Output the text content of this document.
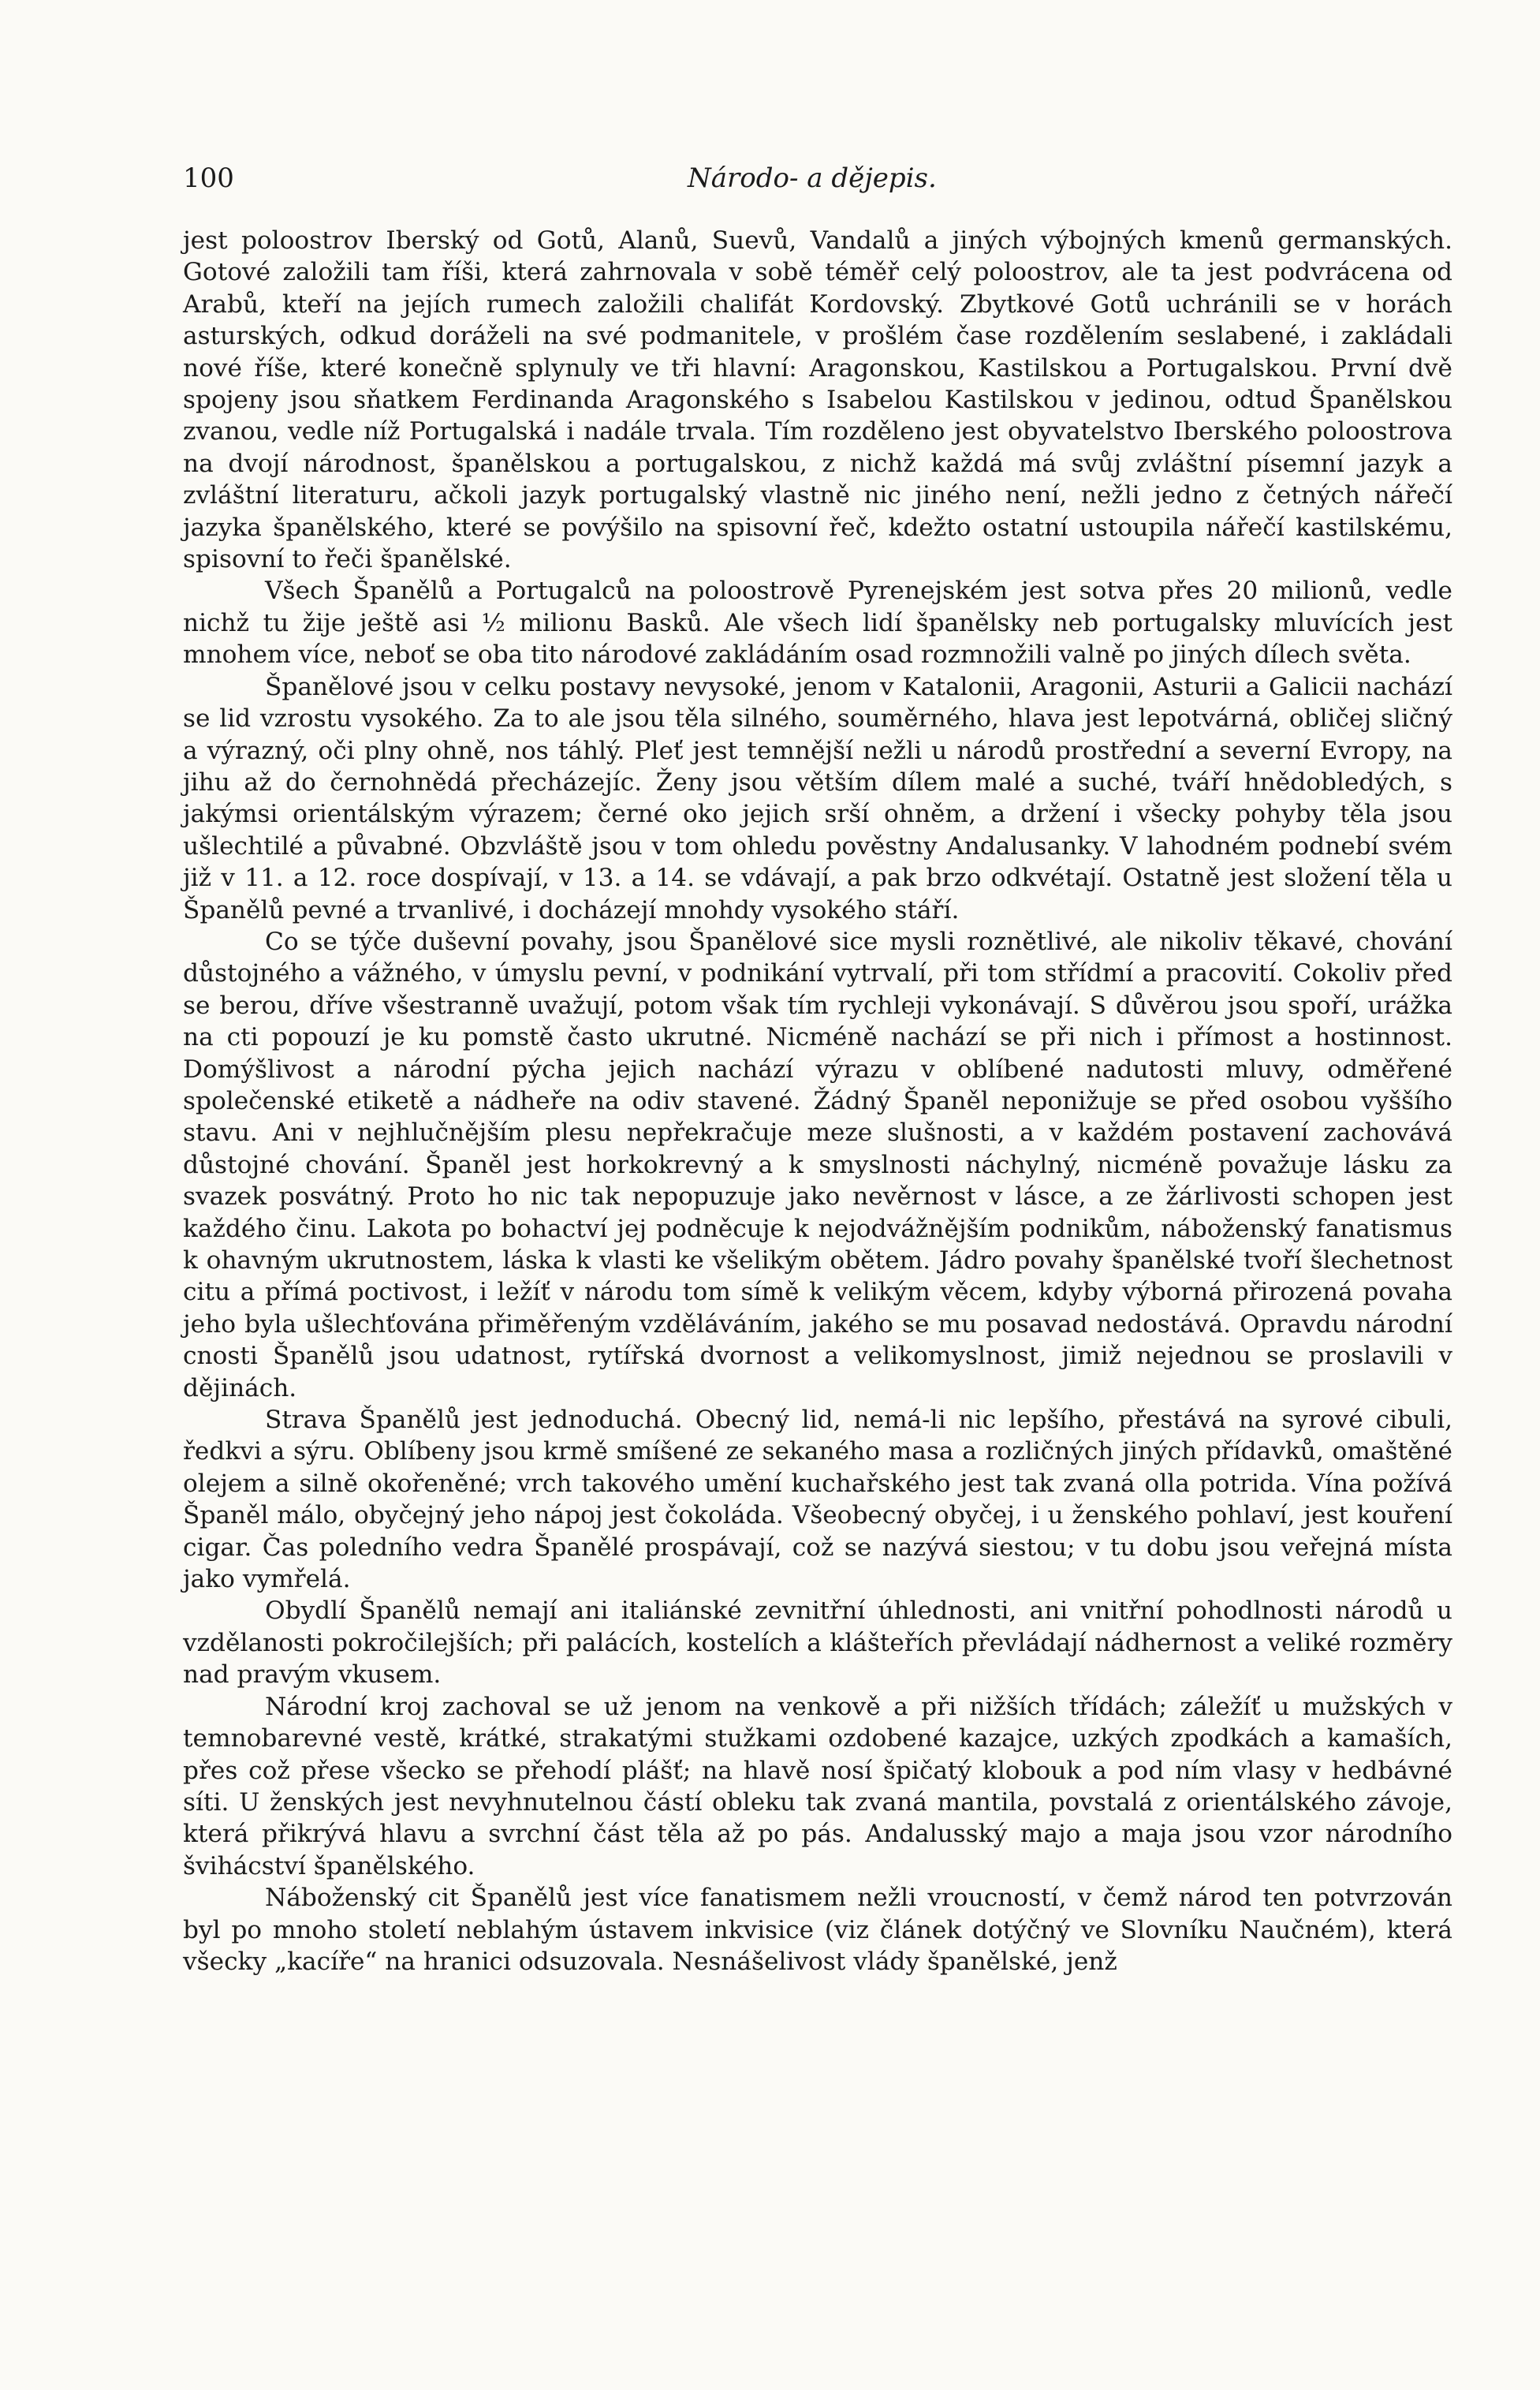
100	Národo- a dějepis.

jest poloostrov Iberský od Gotů, Alanů, Suevů, Vandalů a jiných výbojných kmenů germanských. Gotové založili tam říši, která zahrnovala v sobě téměř celý poloostrov, ale ta jest podvrácena od Arabů, kteří na jejích rumech založili chalifát Kordovský. Zbytkové Gotů uchránili se v horách asturských, odkud doráželi na své podmanitele, v prošlém čase rozdělením seslabené, i zakládali nové říše, které konečně splynuly ve tři hlavní: Aragonskou, Kastilskou a Portugalskou. První dvě spojeny jsou sňatkem Ferdinanda Aragonského s Isabelou Kastilskou v jedinou, odtud Španělskou zvanou, vedle níž Portugalská i nadále trvala. Tím rozděleno jest obyvatelstvo Iberského poloostrova na dvojí národnost, španělskou a portugalskou, z nichž každá má svůj zvláštní písemní jazyk a zvláštní literaturu, ačkoli jazyk portugalský vlastně nic jiného není, nežli jedno z četných nářečí jazyka španělského, které se povýšilo na spisovní řeč, kdežto ostatní ustoupila nářečí kastilskému, spisovní to řeči španělské.

Všech Španělů a Portugalců na poloostrově Pyrenejském jest sotva přes 20 milionů, vedle nichž tu žije ještě asi ½ milionu Basků. Ale všech lidí španělsky neb portugalsky mluvících jest mnohem více, neboť se oba tito národové zakládáním osad rozmnožili valně po jiných dílech světa.

Španělové jsou v celku postavy nevysoké, jenom v Katalonii, Aragonii, Asturii a Galicii nachází se lid vzrostu vysokého. Za to ale jsou těla silného, souměrného, hlava jest lepotvárná, obličej sličný a výrazný, oči plny ohně, nos táhlý. Pleť jest temnější nežli u národů prostřední a severní Evropy, na jihu až do černohnědá přecházejíc. Ženy jsou větším dílem malé a suché, tváří hnědobledých, s jakýmsi orientálským výrazem; černé oko jejich srší ohněm, a držení i všecky pohyby těla jsou ušlechtilé a půvabné. Obzvláště jsou v tom ohledu pověstny Andalusanky. V lahodném podnebí svém již v 11. a 12. roce dospívají, v 13. a 14. se vdávají, a pak brzo odkvétají. Ostatně jest složení těla u Španělů pevné a trvanlivé, i docházejí mnohdy vysokého stáří.

Co se týče duševní povahy, jsou Španělové sice mysli roznětlivé, ale nikoliv těkavé, chování důstojného a vážného, v úmyslu pevní, v podnikání vytrvalí, při tom střídmí a pracovití. Cokoliv před se berou, dříve všestranně uvažují, potom však tím rychleji vykonávají. S důvěrou jsou spoří, urážka na cti popouzí je ku pomstě často ukrutné. Nicméně nachází se při nich i přímost a hostinnost. Domýšlivost a národní pýcha jejich nachází výrazu v oblíbené nadutosti mluvy, odměřené společenské etiketě a nádheře na odiv stavené. Žádný Španěl neponižuje se před osobou vyššího stavu. Ani v nejhlučnějším plesu nepřekračuje meze slušnosti, a v každém postavení zachovává důstojné chování. Španěl jest horkokrevný a k smyslnosti náchylný, nicméně považuje lásku za svazek posvátný. Proto ho nic tak nepopuzuje jako nevěrnost v lásce, a ze žárlivosti schopen jest každého činu. Lakota po bohactví jej podněcuje k nejodvážnějším podnikům, náboženský fanatismus k ohavným ukrutnostem, láska k vlasti ke všelikým obětem. Jádro povahy španělské tvoří šlechetnost citu a přímá poctivost, i ležíť v národu tom símě k velikým věcem, kdyby výborná přirozená povaha jeho byla ušlechťována přiměřeným vzděláváním, jakého se mu posavad nedostává. Opravdu národní cnosti Španělů jsou udatnost, rytířská dvornost a velikomyslnost, jimiž nejednou se proslavili v dějinách.

Strava Španělů jest jednoduchá. Obecný lid, nemá-li nic lepšího, přestává na syrové cibuli, ředkvi a sýru. Oblíbeny jsou krmě smíšené ze sekaného masa a rozličných jiných přídavků, omaštěné olejem a silně okořeněné; vrch takového umění kuchařského jest tak zvaná olla potrida. Vína požívá Španěl málo, obyčejný jeho nápoj jest čokoláda. Všeobecný obyčej, i u ženského pohlaví, jest kouření cigar. Čas poledního vedra Španělé prospávají, což se nazývá siestou; v tu dobu jsou veřejná místa jako vymřelá.

Obydlí Španělů nemají ani italiánské zevnitřní úhlednosti, ani vnitřní pohodlnosti národů u vzdělanosti pokročilejších; při palácích, kostelích a klášteřích převládají nádhernost a veliké rozměry nad pravým vkusem.

Národní kroj zachoval se už jenom na venkově a při nižších třídách; záležíť u mužských v temnobarevné vestě, krátké, strakatými stužkami ozdobené kazajce, uzkých zpodkách a kamaších, přes což přese všecko se přehodí plášť; na hlavě nosí špičatý klobouk a pod ním vlasy v hedbávné síti. U ženských jest nevyhnutelnou částí obleku tak zvaná mantila, povstalá z orientálského závoje, která přikrývá hlavu a svrchní část těla až po pás. Andalusský majo a maja jsou vzor národního švihácství španělského.

Náboženský cit Španělů jest více fanatismem nežli vroucností, v čemž národ ten potvrzován byl po mnoho století neblahým ústavem inkvisice (viz článek dotýčný ve Slovníku Naučném), která všecky „kacíře“ na hranici odsuzovala. Nesnášelivost vlády španělské, jenž
